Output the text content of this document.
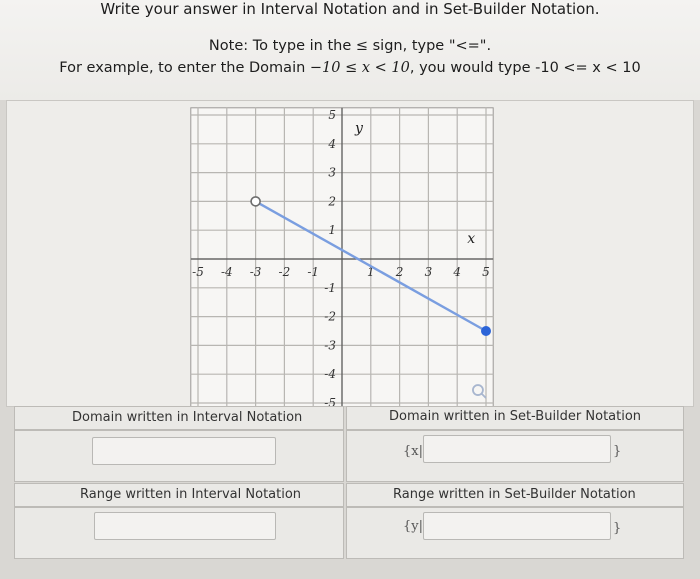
Write your answer in Interval Notation and in Set-Builder Notation.
Note: To type in the ≤ sign, type "<=".
For example, to enter the Domain −10 ≤ x < 10, you would type -10 <= x < 10
-5 -4 -3 -2 -1	1 2 3 4 5
5
4
3
2
1
-1
-2
-3
-4
-5
y
x
Domain written in Interval Notation	Domain written in Set-Builder Notation
{x|	}
Range written in Interval Notation	Range written in Set-Builder Notation
{y|	}
